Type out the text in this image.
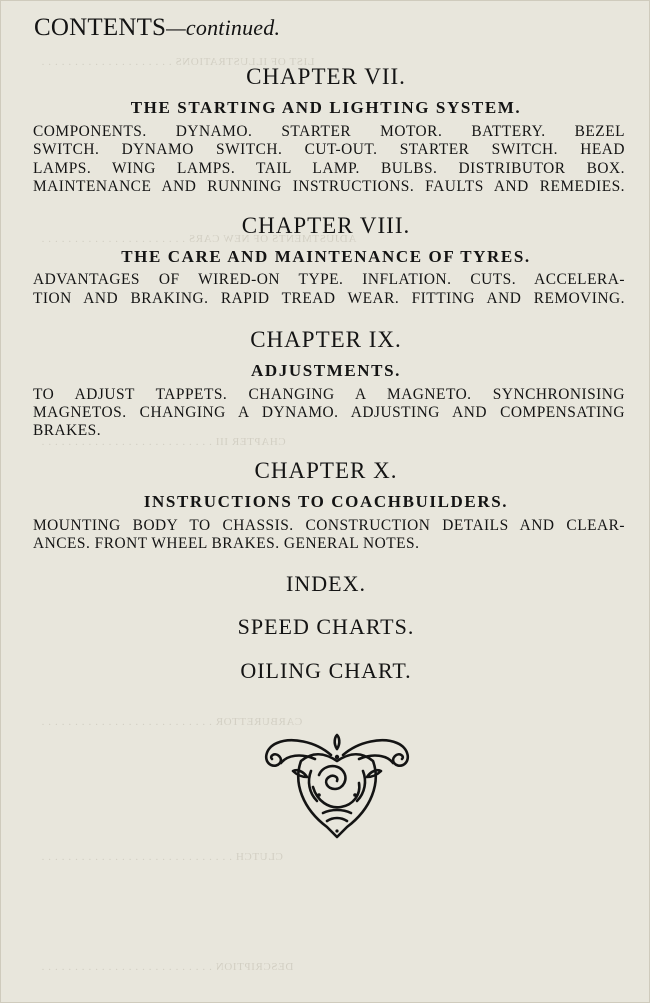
LIST OF ILLUSTRATIONS . . . . . . . . . . . . . . . . . . . .
ADJUSTMENTS OF NEW CARS . . . . . . . . . . . . . . . . . . . . . .
CHAPTER III . . . . . . . . . . . . . . . . . . . . . . . . . .
CARBURETTOR . . . . . . . . . . . . . . . . . . . . . . . . . .
CLUTCH . . . . . . . . . . . . . . . . . . . . . . . . . . . . .
DESCRIPTION . . . . . . . . . . . . . . . . . . . . . . . . . .
CONTENTS—continued.
CHAPTER VII.
THE STARTING AND LIGHTING SYSTEM.

COMPONENTS. DYNAMO. STARTER MOTOR. BATTERY. BEZEL

SWITCH. DYNAMO SWITCH. CUT-OUT. STARTER SWITCH. HEAD

LAMPS. WING LAMPS. TAIL LAMP. BULBS. DISTRIBUTOR BOX.

MAINTENANCE AND RUNNING INSTRUCTIONS. FAULTS AND REMEDIES.

CHAPTER VIII.
THE CARE AND MAINTENANCE OF TYRES.

ADVANTAGES OF WIRED-ON TYPE. INFLATION. CUTS. ACCELERA-

TION AND BRAKING. RAPID TREAD WEAR. FITTING AND REMOVING.

CHAPTER IX.
ADJUSTMENTS.

TO ADJUST TAPPETS. CHANGING A MAGNETO. SYNCHRONISING

MAGNETOS. CHANGING A DYNAMO. ADJUSTING AND COMPENSATING

BRAKES.

CHAPTER X.
INSTRUCTIONS TO COACHBUILDERS.

MOUNTING BODY TO CHASSIS. CONSTRUCTION DETAILS AND CLEAR-

ANCES. FRONT WHEEL BRAKES. GENERAL NOTES.

INDEX.
SPEED CHARTS.
OILING CHART.
